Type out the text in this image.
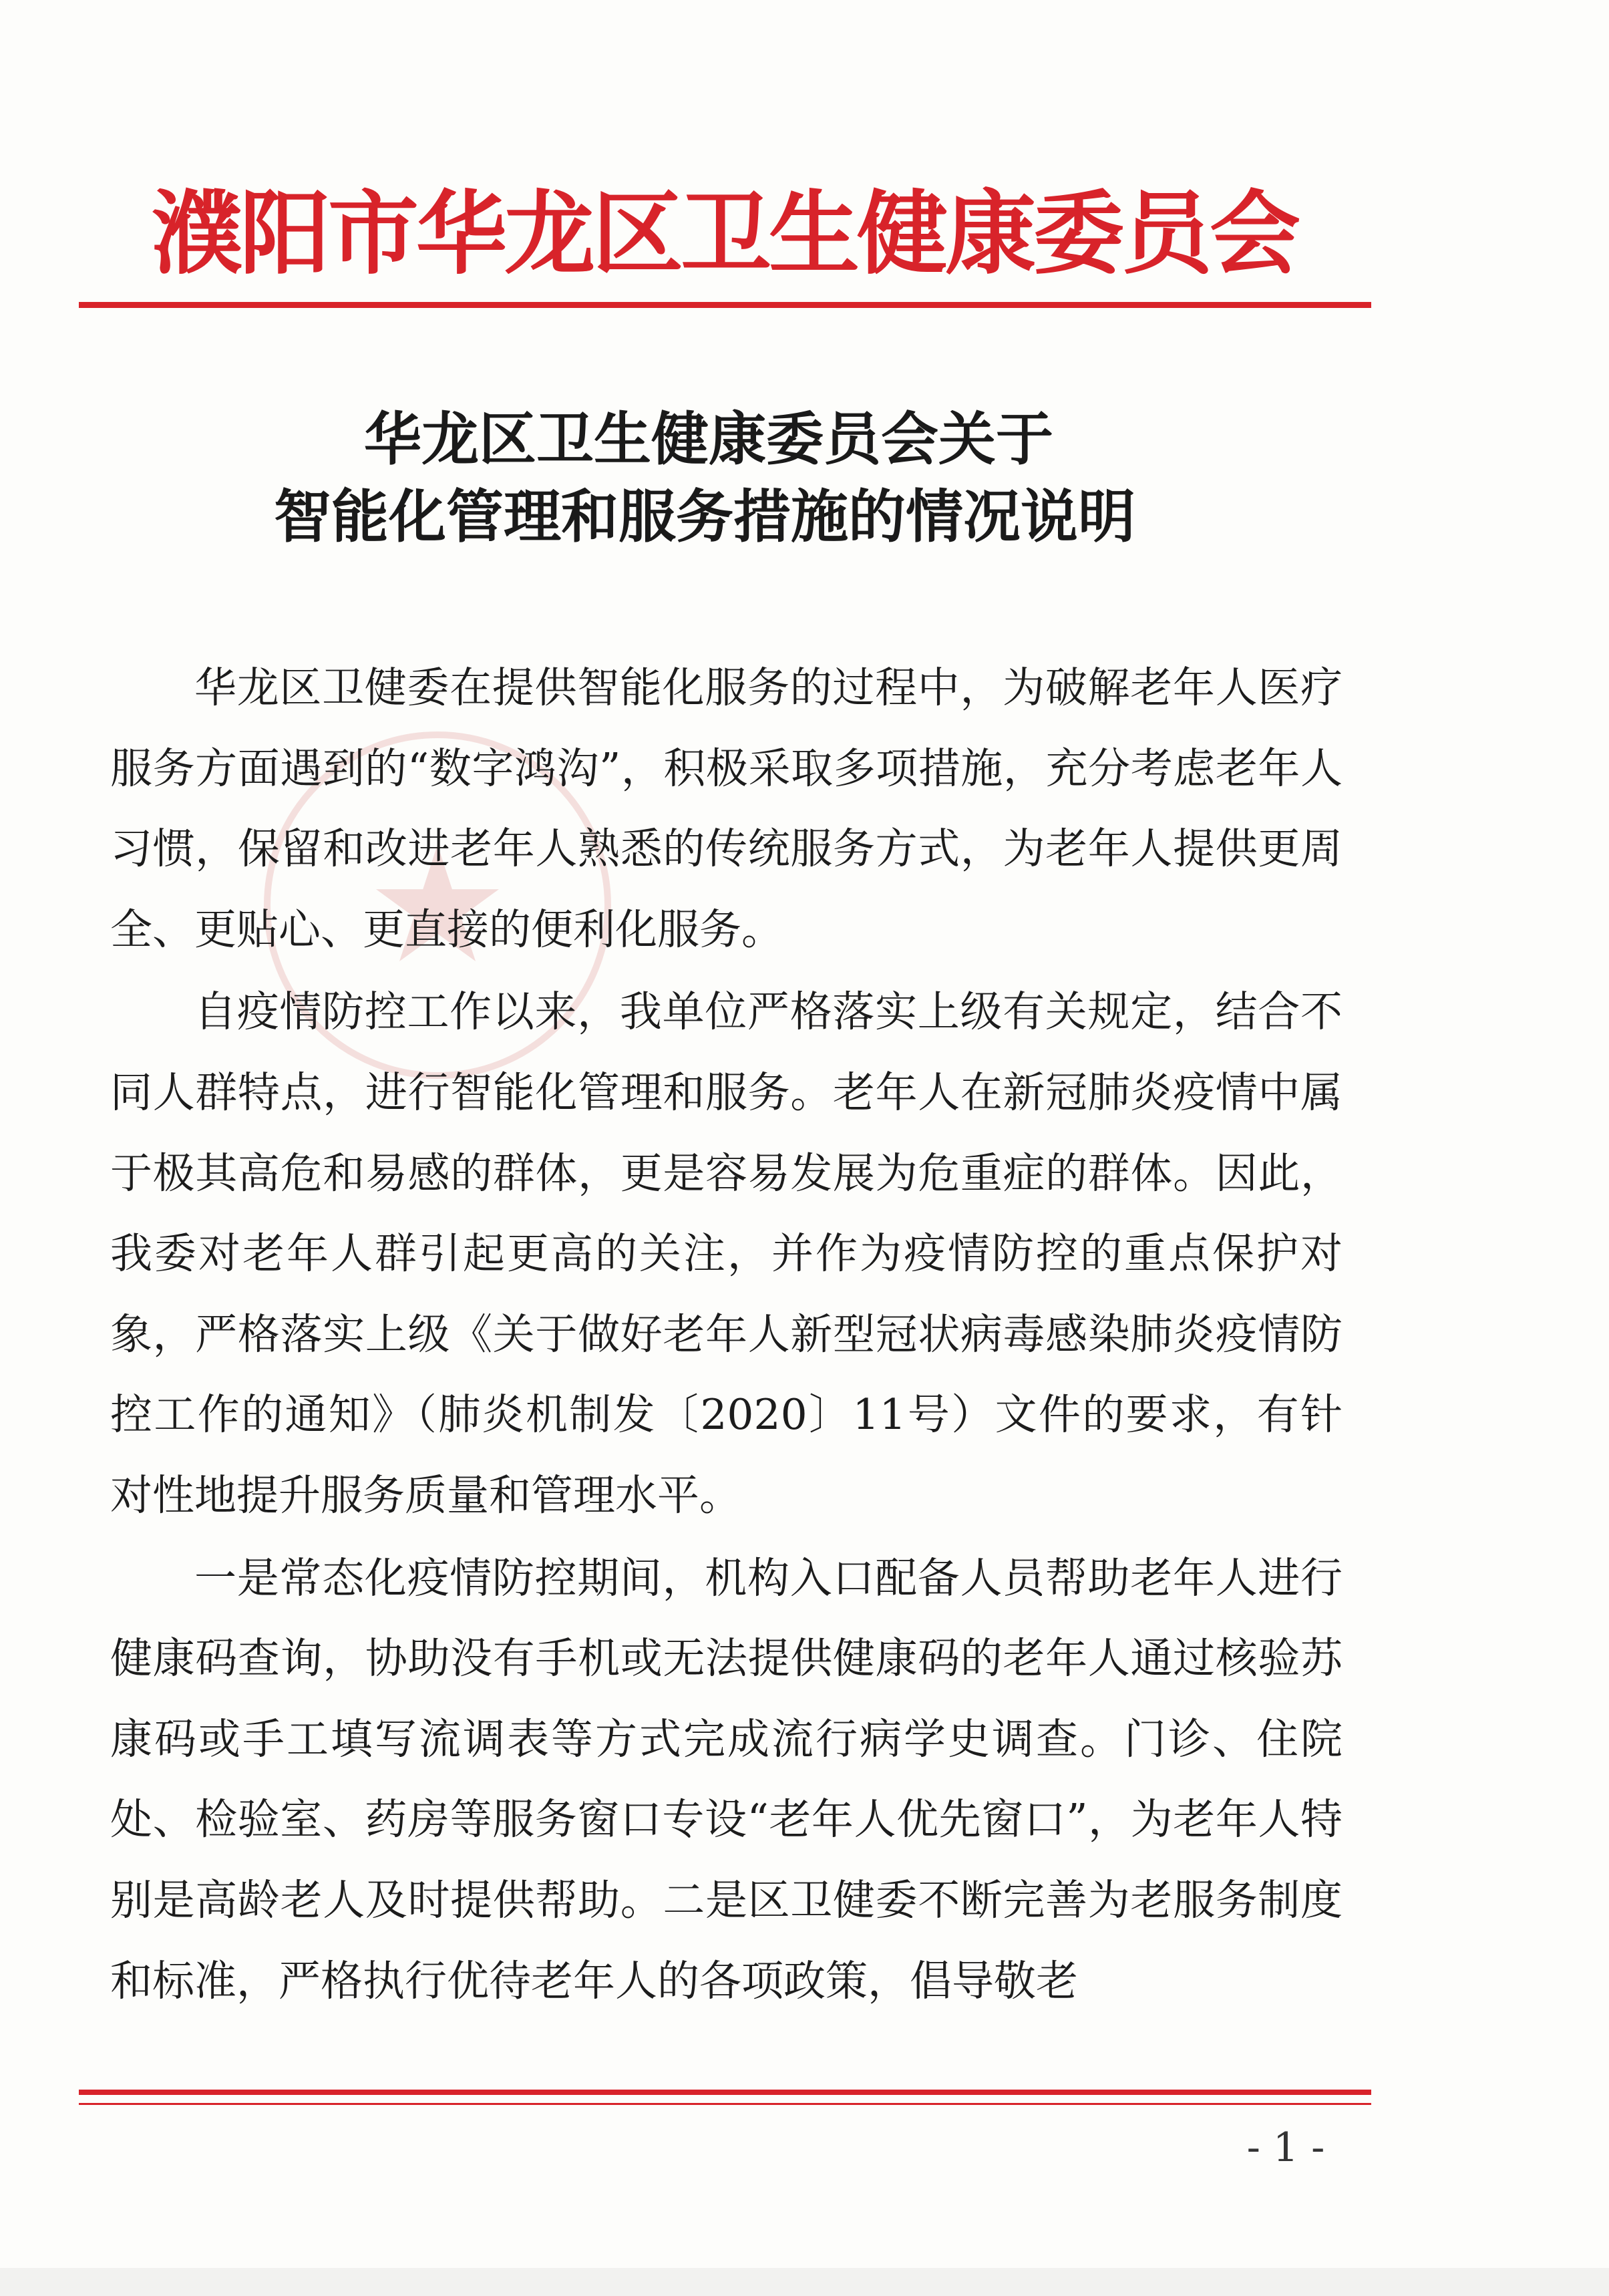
濮阳市华龙区卫生健康委员会
★
华龙区卫生健康委员会关于
智能化管理和服务措施的情况说明

华龙区卫健委在提供智能化服务的过程中，为破解老年人医疗服务方面遇到的“数字鸿沟”，积极采取多项措施，充分考虑老年人习惯，保留和改进老年人熟悉的传统服务方式，为老年人提供更周全、更贴心、更直接的便利化服务。

自疫情防控工作以来，我单位严格落实上级有关规定，结合不同人群特点，进行智能化管理和服务。老年人在新冠肺炎疫情中属于极其高危和易感的群体，更是容易发展为危重症的群体。因此，我委对老年人群引起更高的关注，并作为疫情防控的重点保护对象，严格落实上级《关于做好老年人新型冠状病毒感染肺炎疫情防控工作的通知》（肺炎机制发〔2020〕11号）文件的要求，有针对性地提升服务质量和管理水平。

一是常态化疫情防控期间，机构入口配备人员帮助老年人进行健康码查询，协助没有手机或无法提供健康码的老年人通过核验苏康码或手工填写流调表等方式完成流行病学史调查。门诊、住院处、检验室、药房等服务窗口专设“老年人优先窗口”，为老年人特别是高龄老人及时提供帮助。二是区卫健委不断完善为老服务制度和标准，严格执行优待老年人的各项政策，倡导敬老

- 1 -
